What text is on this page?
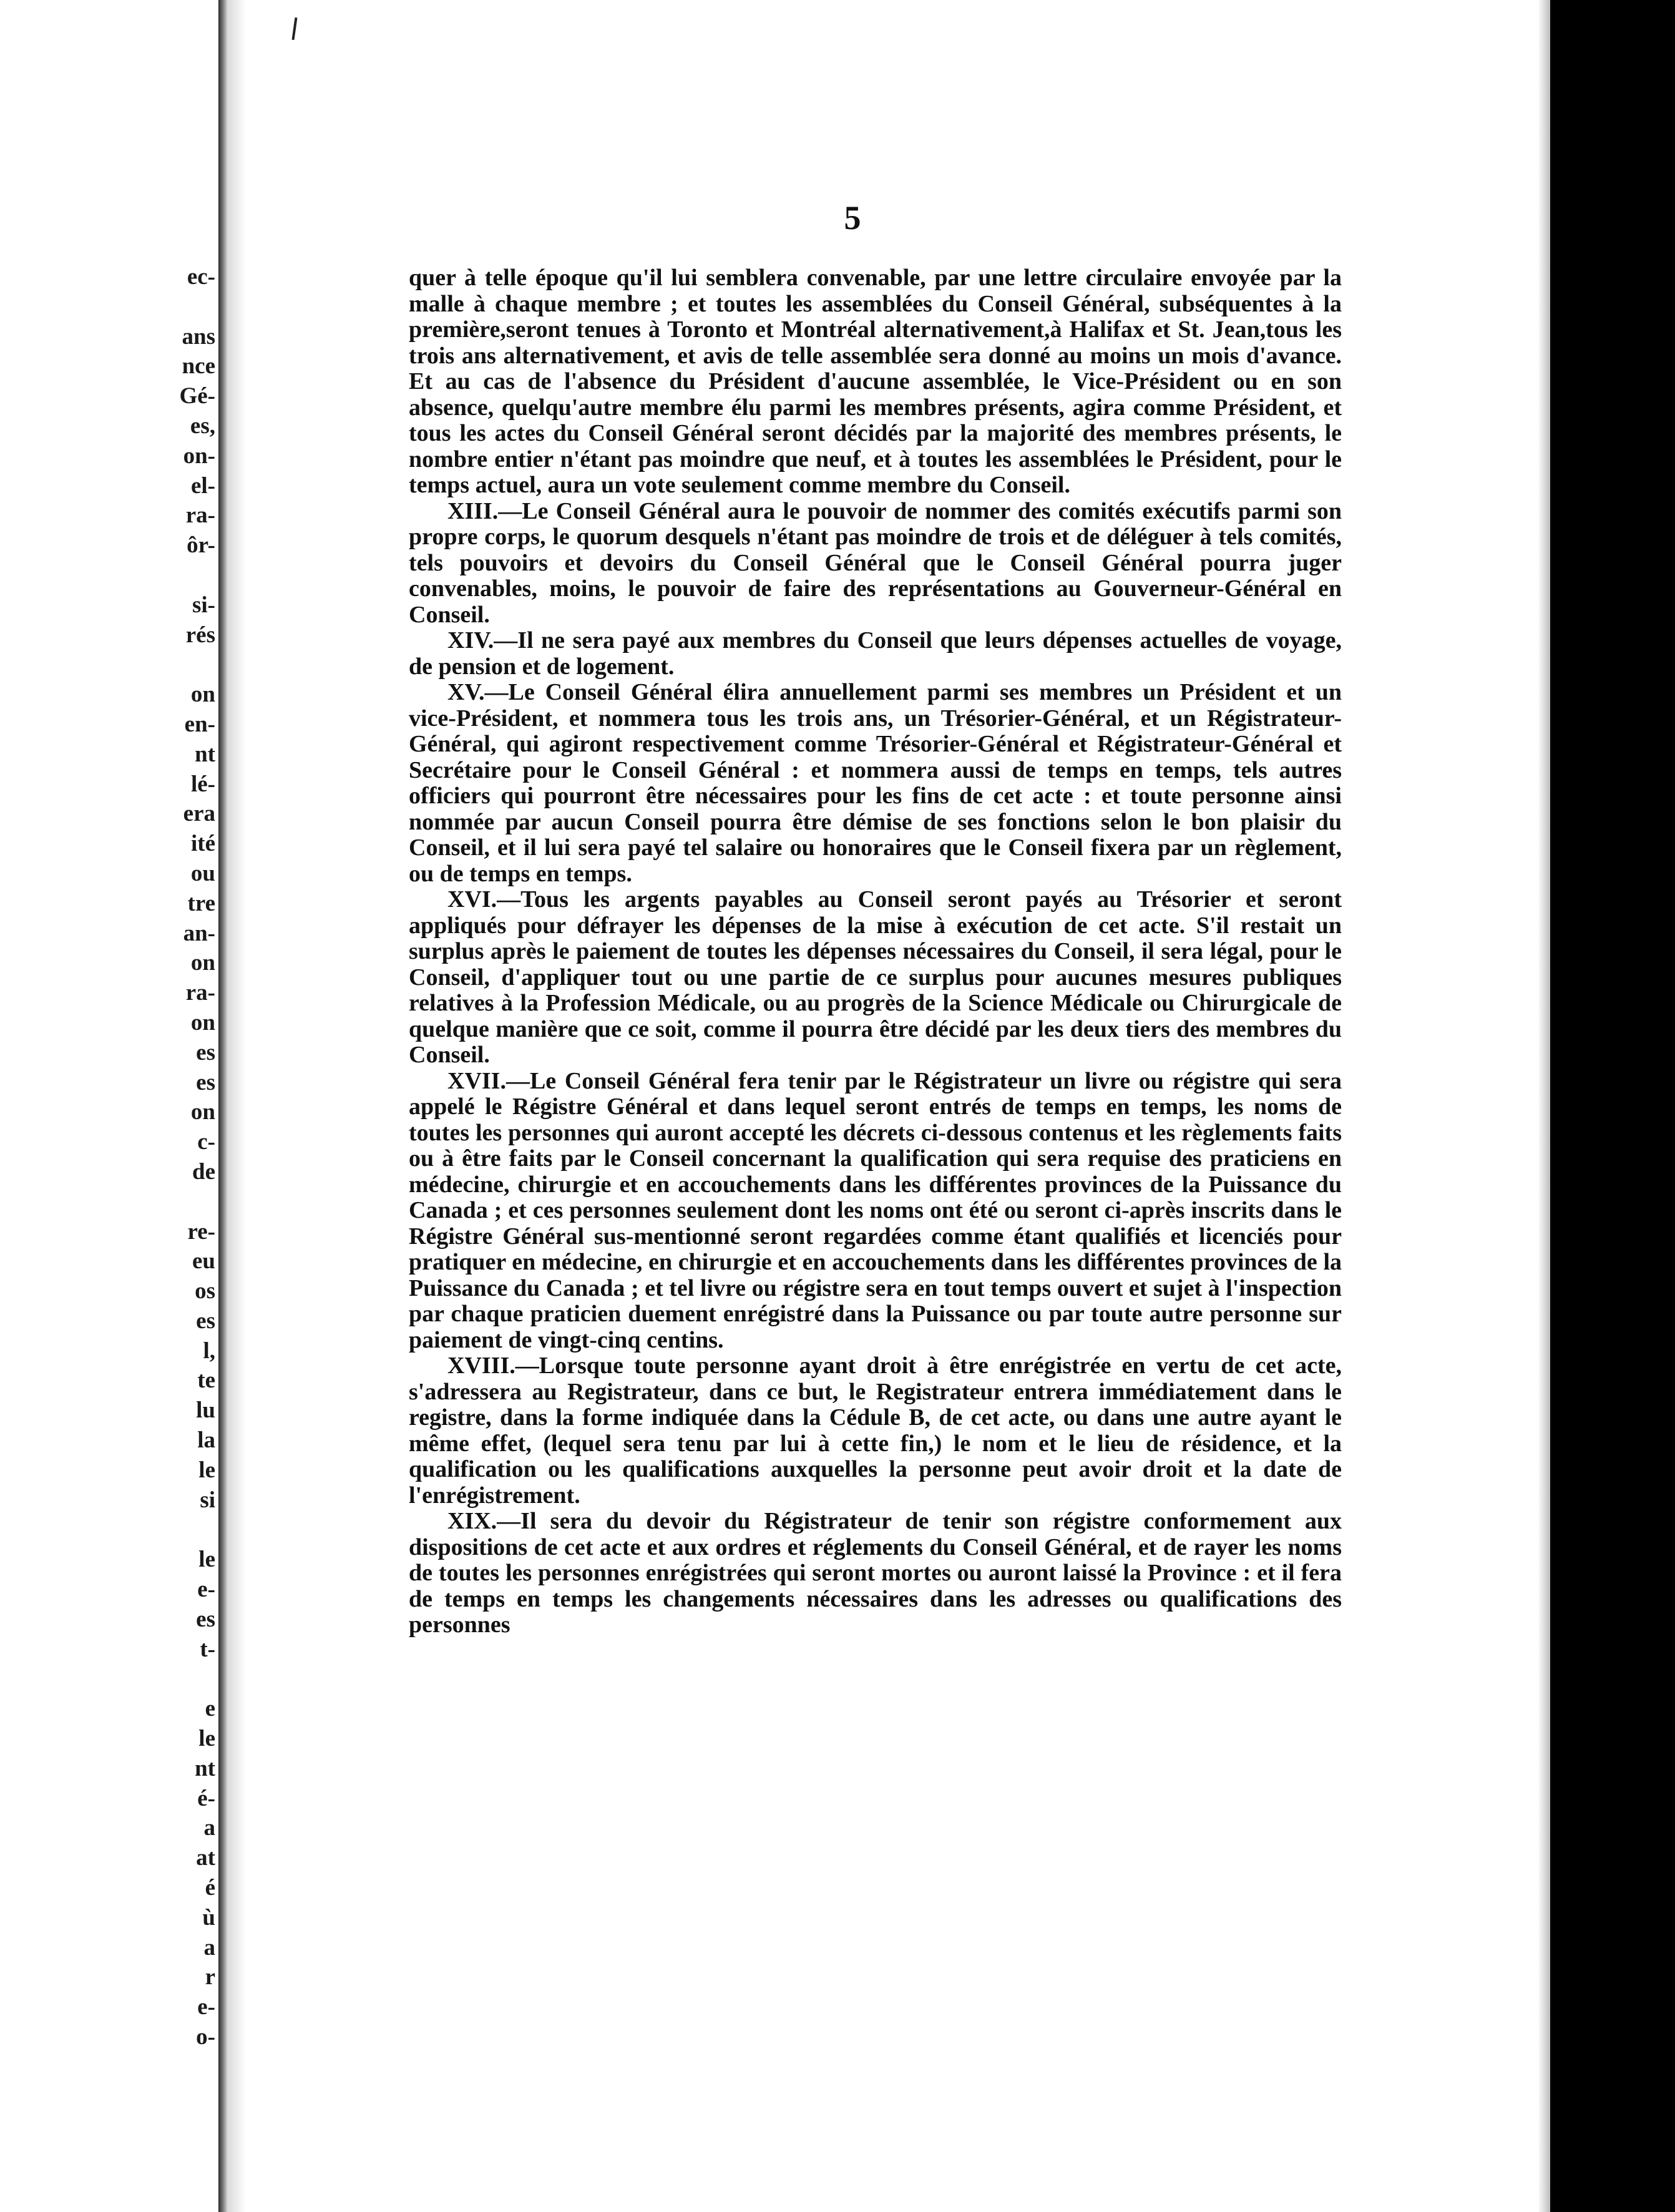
ec-
ans
nce
Gé-
es,
on-
el-
ra-
ôr-
si-
rés
on
en-
nt
lé-
era
ité
ou
tre
an-
on
ra-
on
es
es
on
c-
de
re-
eu
os
es
l,
te
lu
la
le
si
le
e-
es
t-
e
le
nt
é-
a
at
é
ù
a
r
e-
o-
5

quer à telle époque qu'il lui semblera convenable, par une lettre circulaire envoyée par la malle à chaque membre ; et toutes les assemblées du Conseil Général, subséquentes à la première,seront tenues à Toronto et Montréal alternativement,à Halifax et St. Jean,tous les trois ans alternativement, et avis de telle assemblée sera donné au moins un mois d'avance. Et au cas de l'absence du Président d'aucune assemblée, le Vice-Président ou en son absence, quelqu'autre membre élu parmi les membres présents, agira comme Président, et tous les actes du Conseil Général seront décidés par la majorité des membres présents, le nombre entier n'étant pas moindre que neuf, et à toutes les assemblées le Président, pour le temps actuel, aura un vote seulement comme membre du Conseil.

XIII.—Le Conseil Général aura le pouvoir de nommer des comités exécutifs parmi son propre corps, le quorum desquels n'étant pas moindre de trois et de déléguer à tels comités, tels pouvoirs et devoirs du Conseil Général que le Conseil Général pourra juger convenables, moins, le pouvoir de faire des représentations au Gouverneur-Général en Conseil.

XIV.—Il ne sera payé aux membres du Conseil que leurs dépenses actuelles de voyage, de pension et de logement.

XV.—Le Conseil Général élira annuellement parmi ses membres un Président et un vice-Président, et nommera tous les trois ans, un Trésorier-Général, et un Régistrateur-Général, qui agiront respectivement comme Trésorier-Général et Régistrateur-Général et Secrétaire pour le Conseil Général : et nommera aussi de temps en temps, tels autres officiers qui pourront être nécessaires pour les fins de cet acte : et toute personne ainsi nommée par aucun Conseil pourra être démise de ses fonctions selon le bon plaisir du Conseil, et il lui sera payé tel salaire ou honoraires que le Conseil fixera par un règlement, ou de temps en temps.

XVI.—Tous les argents payables au Conseil seront payés au Trésorier et seront appliqués pour défrayer les dépenses de la mise à exécution de cet acte. S'il restait un surplus après le paiement de toutes les dépenses nécessaires du Conseil, il sera légal, pour le Conseil, d'appliquer tout ou une partie de ce surplus pour aucunes mesures publiques relatives à la Profession Médicale, ou au progrès de la Science Médicale ou Chirurgicale de quelque manière que ce soit, comme il pourra être décidé par les deux tiers des membres du Conseil.

XVII.—Le Conseil Général fera tenir par le Régistrateur un livre ou régistre qui sera appelé le Régistre Général et dans lequel seront entrés de temps en temps, les noms de toutes les personnes qui auront accepté les décrets ci-dessous contenus et les règlements faits ou à être faits par le Conseil concernant la qualification qui sera requise des praticiens en médecine, chirurgie et en accouchements dans les différentes provinces de la Puissance du Canada ; et ces personnes seulement dont les noms ont été ou seront ci-après inscrits dans le Régistre Général sus-mentionné seront regardées comme étant qualifiés et licenciés pour pratiquer en médecine, en chirurgie et en accouchements dans les différentes provinces de la Puissance du Canada ; et tel livre ou régistre sera en tout temps ouvert et sujet à l'inspection par chaque praticien duement enrégistré dans la Puissance ou par toute autre personne sur paiement de vingt-cinq centins.

XVIII.—Lorsque toute personne ayant droit à être enrégistrée en vertu de cet acte, s'adressera au Registrateur, dans ce but, le Registrateur entrera immédiatement dans le registre, dans la forme indiquée dans la Cédule B, de cet acte, ou dans une autre ayant le même effet, (lequel sera tenu par lui à cette fin,) le nom et le lieu de résidence, et la qualification ou les qualifications auxquelles la personne peut avoir droit et la date de l'enrégistrement.

XIX.—Il sera du devoir du Régistrateur de tenir son régistre conformement aux dispositions de cet acte et aux ordres et réglements du Conseil Général, et de rayer les noms de toutes les personnes enrégistrées qui seront mortes ou auront laissé la Province : et il fera de temps en temps les changements nécessaires dans les adresses ou qualifications des personnes
